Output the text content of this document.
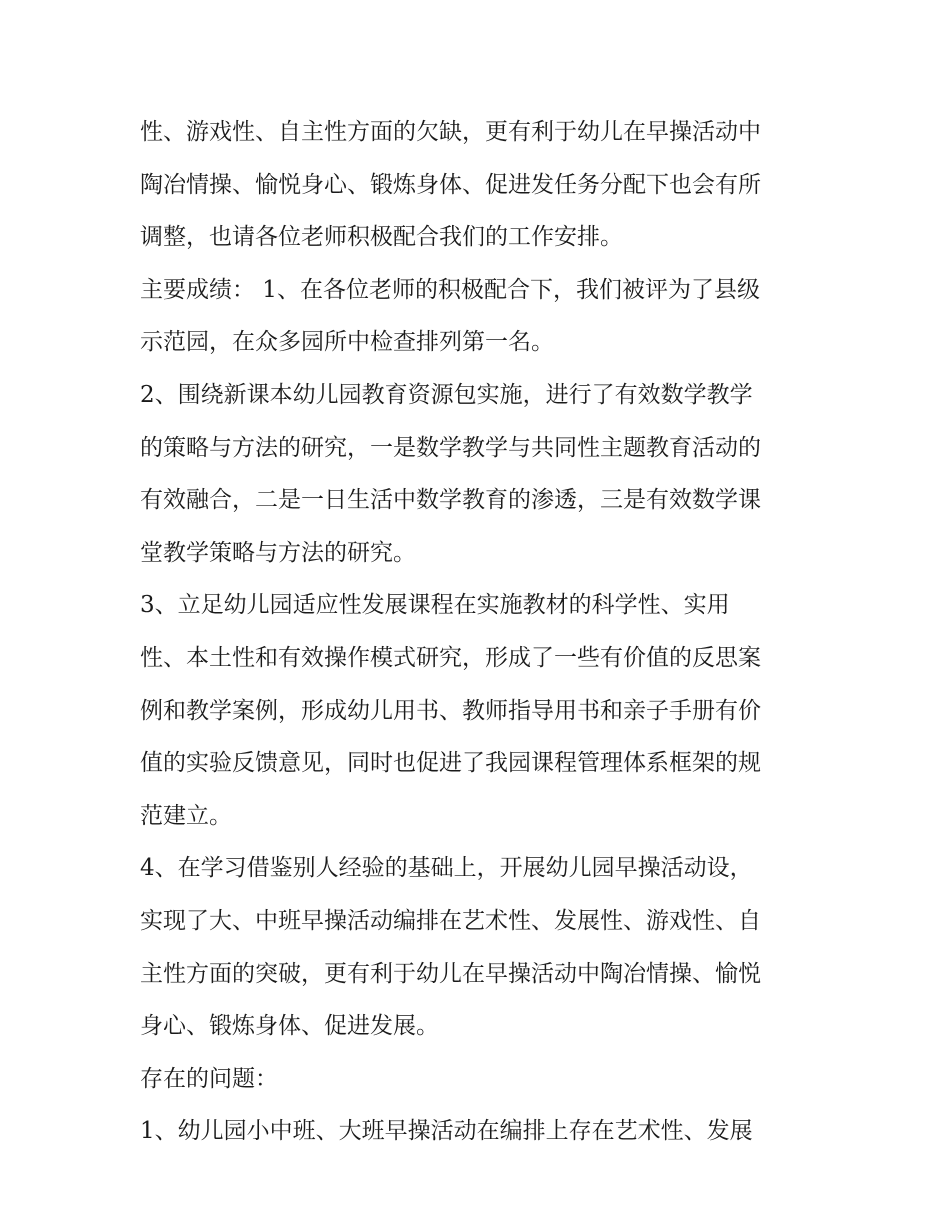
性、游戏性、自主性方面的欠缺，更有利于幼儿在早操活动中
陶冶情操、愉悦身心、锻炼身体、促进发任务分配下也会有所
调整，也请各位老师积极配合我们的工作安排。
主要成绩： 1、在各位老师的积极配合下，我们被评为了县级
示范园，在众多园所中检查排列第一名。
2、围绕新课本幼儿园教育资源包实施，进行了有效数学教学
的策略与方法的研究，一是数学教学与共同性主题教育活动的
有效融合，二是一日生活中数学教育的渗透，三是有效数学课
堂教学策略与方法的研究。
3、立足幼儿园适应性发展课程在实施教材的科学性、实用
性、本土性和有效操作模式研究，形成了一些有价值的反思案
例和教学案例，形成幼儿用书、教师指导用书和亲子手册有价
值的实验反馈意见，同时也促进了我园课程管理体系框架的规
范建立。
4、在学习借鉴别人经验的基础上，开展幼儿园早操活动设，
实现了大、中班早操活动编排在艺术性、发展性、游戏性、自
主性方面的突破，更有利于幼儿在早操活动中陶冶情操、愉悦
身心、锻炼身体、促进发展。
存在的问题：
1、幼儿园小中班、大班早操活动在编排上存在艺术性、发展
